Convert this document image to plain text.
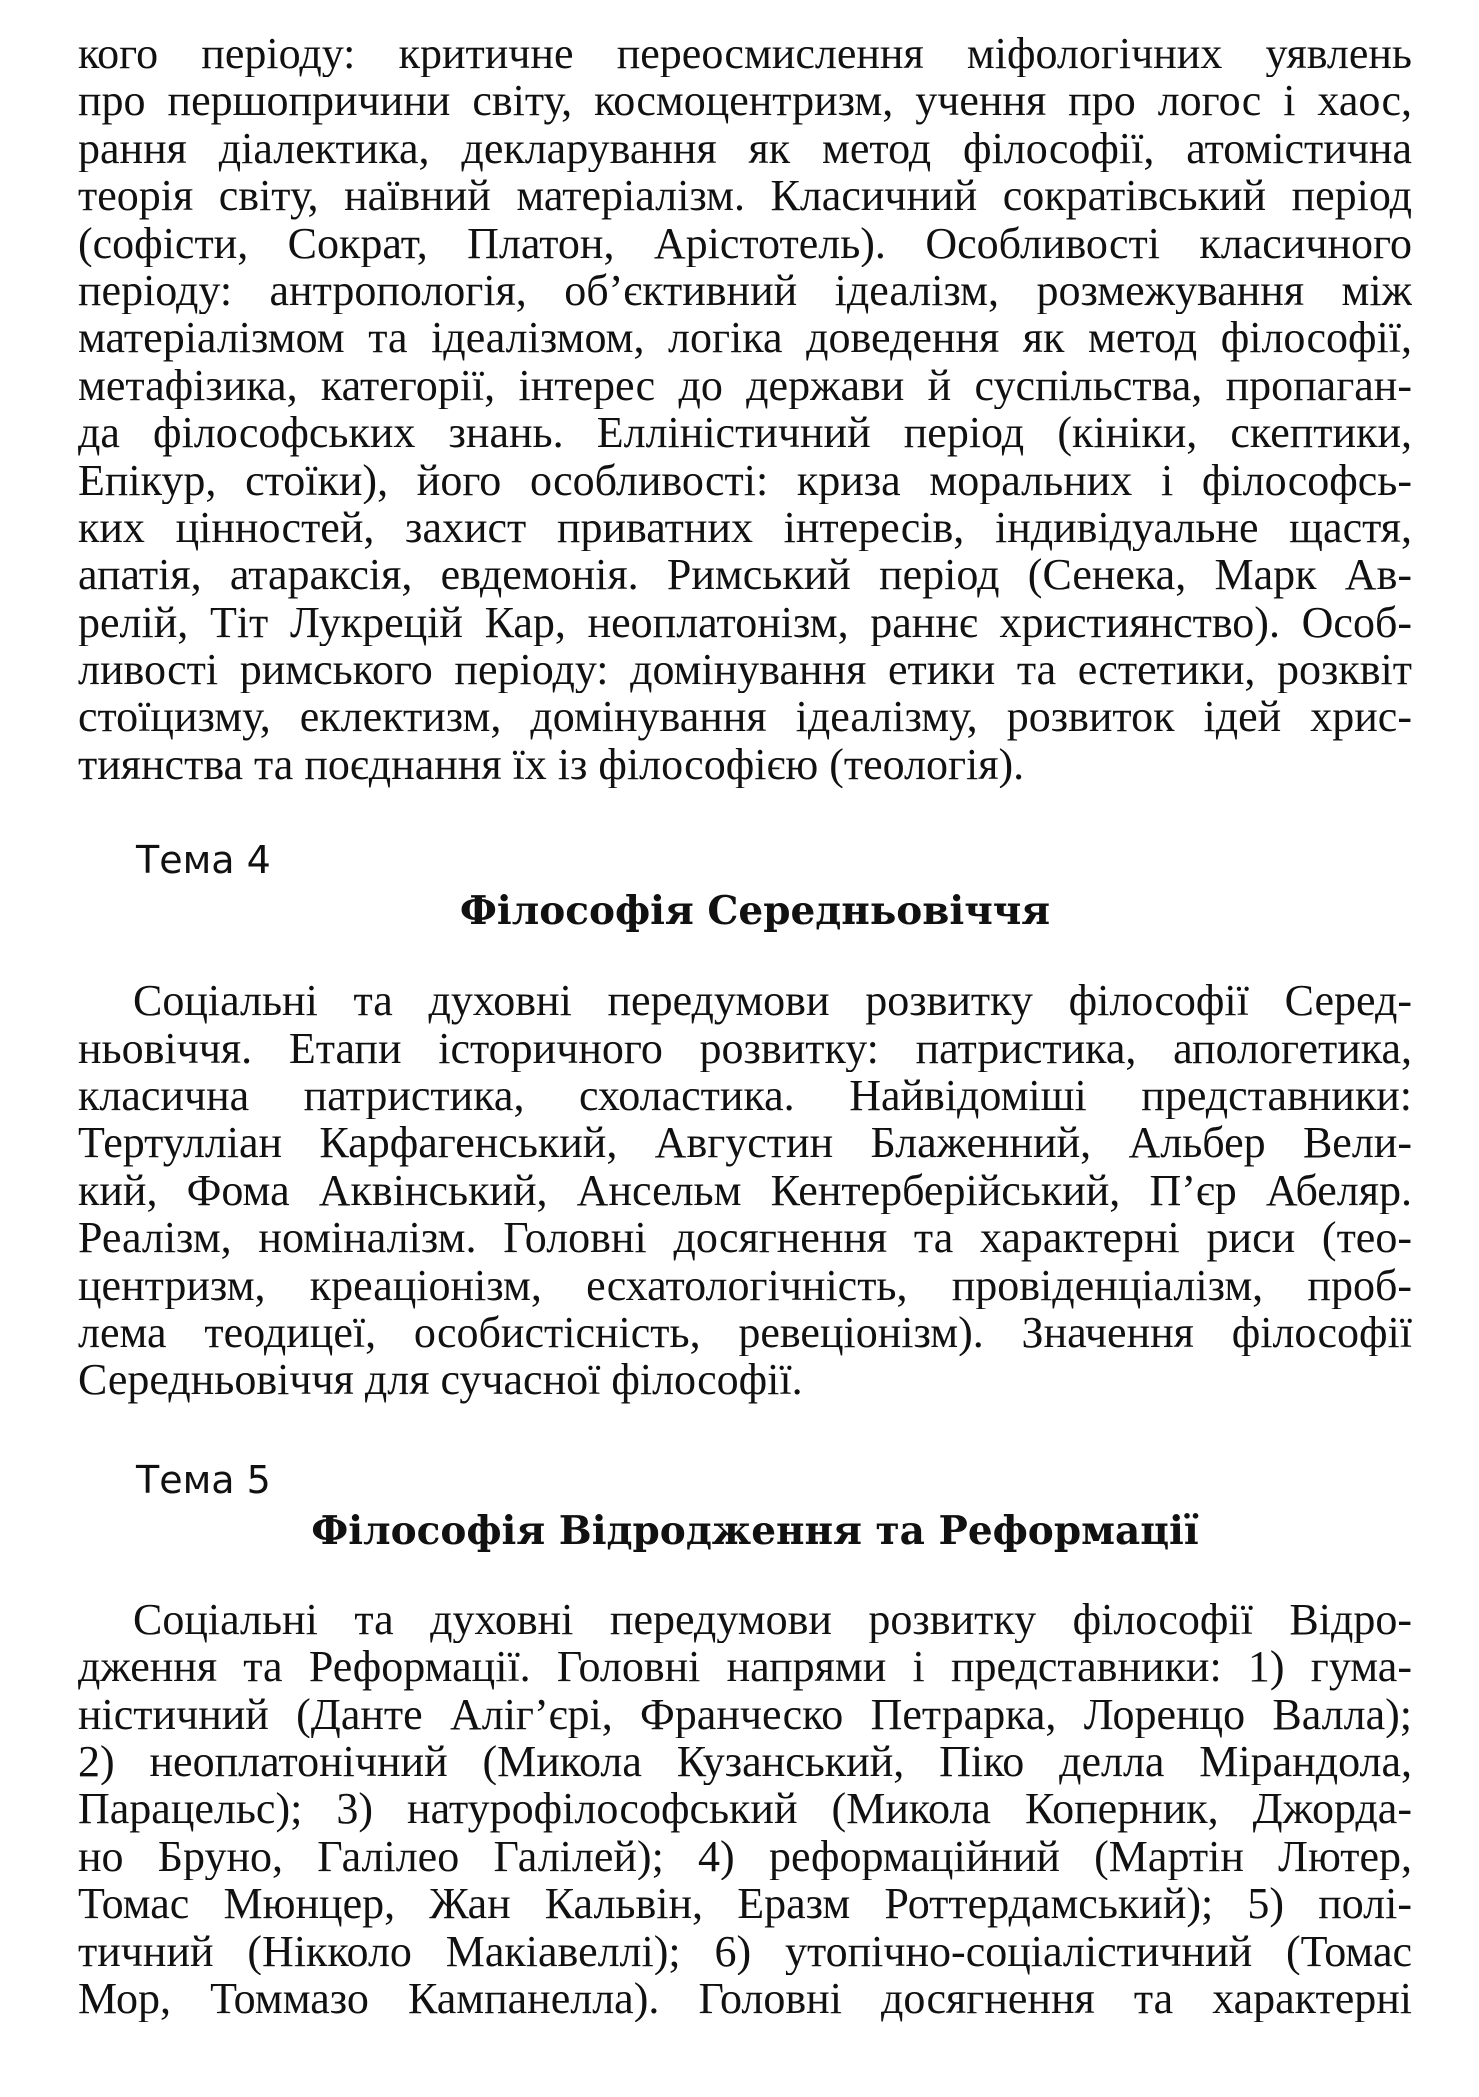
кого періоду: критичне переосмислення міфологічних уявлень
про першопричини світу, космоцентризм, учення про логос і хаос,
рання діалектика, декларування як метод філософії, атомістична
теорія світу, наївний матеріалізм. Класичний сократівський період
(софісти, Сократ, Платон, Арістотель). Особливості класичного
періоду: антропологія, об’єктивний ідеалізм, розмежування між
матеріалізмом та ідеалізмом, логіка доведення як метод філософії,
метафізика, категорії, інтерес до держави й суспільства, пропаган-
да філософських знань. Елліністичний період (кініки, скептики,
Епікур, стоїки), його особливості: криза моральних і філософсь-
ких цінностей, захист приватних інтересів, індивідуальне щастя,
апатія, атараксія, евдемонія. Римський період (Сенека, Марк Ав-
релій, Тіт Лукрецій Кар, неоплатонізм, раннє християнство). Особ-
ливості римського періоду: домінування етики та естетики, розквіт
стоїцизму, еклектизм, домінування ідеалізму, розвиток ідей хрис-
тиянства та поєднання їх із філософією (теологія).
Тема 4
Філософія Середньовіччя
Соціальні та духовні передумови розвитку філософії Серед-
ньовіччя. Етапи історичного розвитку: патристика, апологетика,
класична патристика, схоластика. Найвідоміші представники:
Тертулліан Карфагенський, Августин Блаженний, Альбер Вели-
кий, Фома Аквінський, Ансельм Кентерберійський, П’єр Абеляр.
Реалізм, номіналізм. Головні досягнення та характерні риси (тео-
центризм, креаціонізм, есхатологічність, провіденціалізм, проб-
лема теодицеї, особистісність, ревеціонізм). Значення філософії
Середньовіччя для сучасної філософії.
Тема 5
Філософія Відродження та Реформації
Соціальні та духовні передумови розвитку філософії Відро-
дження та Реформації. Головні напрями і представники: 1) гума-
ністичний (Данте Аліг’єрі, Франческо Петрарка, Лоренцо Валла);
2) неоплатонічний (Микола Кузанський, Піко делла Мірандола,
Парацельс); 3) натурофілософський (Микола Коперник, Джорда-
но Бруно, Галілео Галілей); 4) реформаційний (Мартін Лютер,
Томас Мюнцер, Жан Кальвін, Еразм Роттердамський); 5) полі-
тичний (Нікколо Макіавеллі); 6) утопічно-соціалістичний (Томас
Мор, Томмазо Кампанелла). Головні досягнення та характерні
